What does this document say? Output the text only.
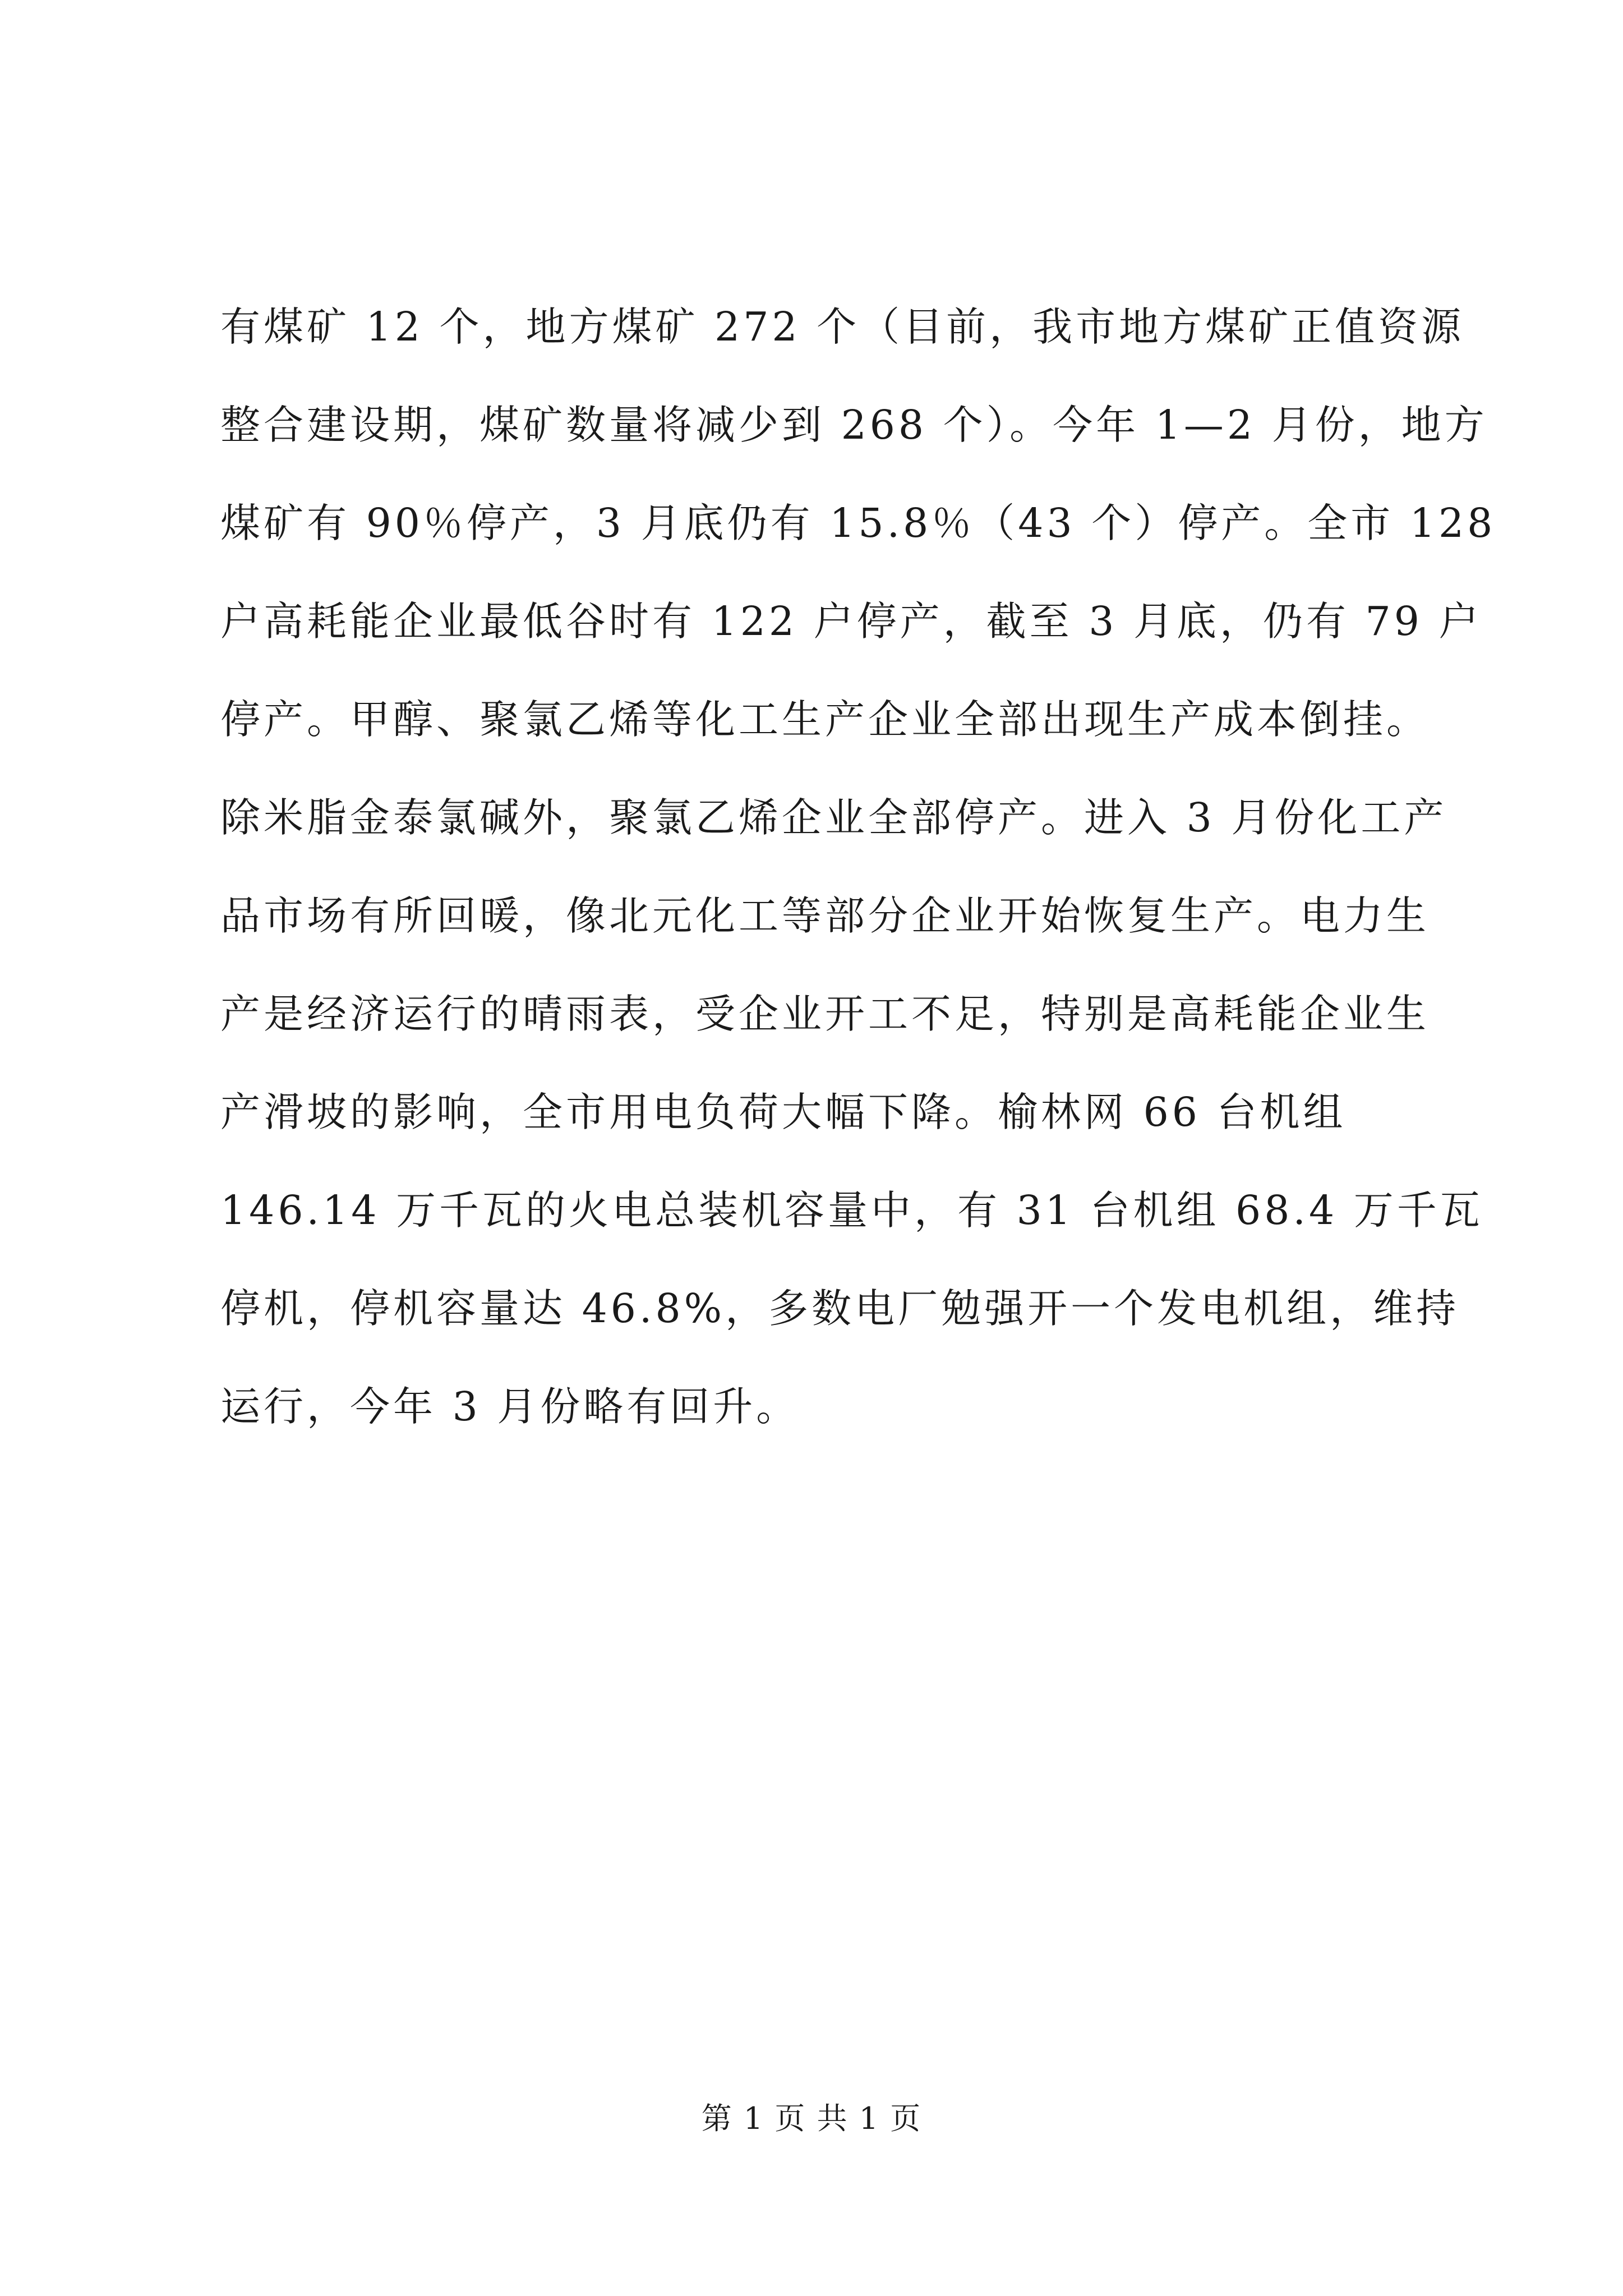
有煤矿 12 个，地方煤矿 272 个（目前，我市地方煤矿正值资源
整合建设期，煤矿数量将减少到 268 个）。今年 1—2 月份，地方
煤矿有 90％停产，3 月底仍有 15.8％（43 个）停产。全市 128
户高耗能企业最低谷时有 122 户停产，截至 3 月底，仍有 79 户
停产。甲醇、聚氯乙烯等化工生产企业全部出现生产成本倒挂。
除米脂金泰氯碱外，聚氯乙烯企业全部停产。进入 3 月份化工产
品市场有所回暖，像北元化工等部分企业开始恢复生产。电力生
产是经济运行的晴雨表，受企业开工不足，特别是高耗能企业生
产滑坡的影响，全市用电负荷大幅下降。榆林网 66 台机组
146.14 万千瓦的火电总装机容量中，有 31 台机组 68.4 万千瓦
停机，停机容量达 46.8%，多数电厂勉强开一个发电机组，维持
运行，今年 3 月份略有回升。
第 1 页 共 1 页
